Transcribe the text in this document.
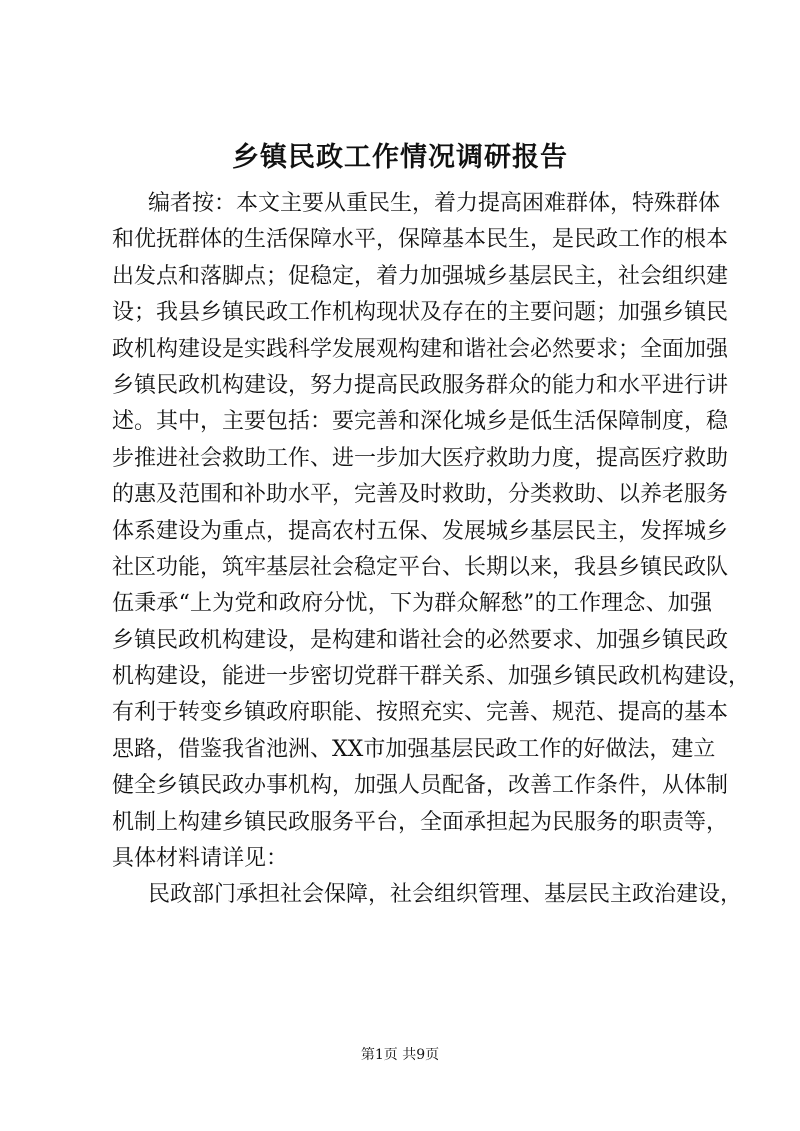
乡镇民政工作情况调研报告
编者按：本文主要从重民生，着力提高困难群体，特殊群体
和优抚群体的生活保障水平，保障基本民生，是民政工作的根本
出发点和落脚点；促稳定，着力加强城乡基层民主，社会组织建
设；我县乡镇民政工作机构现状及存在的主要问题；加强乡镇民
政机构建设是实践科学发展观构建和谐社会必然要求；全面加强
乡镇民政机构建设，努力提高民政服务群众的能力和水平进行讲
述。其中，主要包括：要完善和深化城乡是低生活保障制度，稳
步推进社会救助工作、进一步加大医疗救助力度，提高医疗救助
的惠及范围和补助水平，完善及时救助，分类救助、以养老服务
体系建设为重点，提高农村五保、发展城乡基层民主，发挥城乡
社区功能，筑牢基层社会稳定平台、长期以来，我县乡镇民政队
伍秉承“上为党和政府分忧，下为群众解愁”的工作理念、加强
乡镇民政机构建设，是构建和谐社会的必然要求、加强乡镇民政
机构建设，能进一步密切党群干群关系、加强乡镇民政机构建设，
有利于转变乡镇政府职能、按照充实、完善、规范、提高的基本
思路，借鉴我省池洲、XX市加强基层民政工作的好做法，建立
健全乡镇民政办事机构，加强人员配备，改善工作条件，从体制
机制上构建乡镇民政服务平台，全面承担起为民服务的职责等，
具体材料请详见：
民政部门承担社会保障，社会组织管理、基层民主政治建设，
第1页 共9页
